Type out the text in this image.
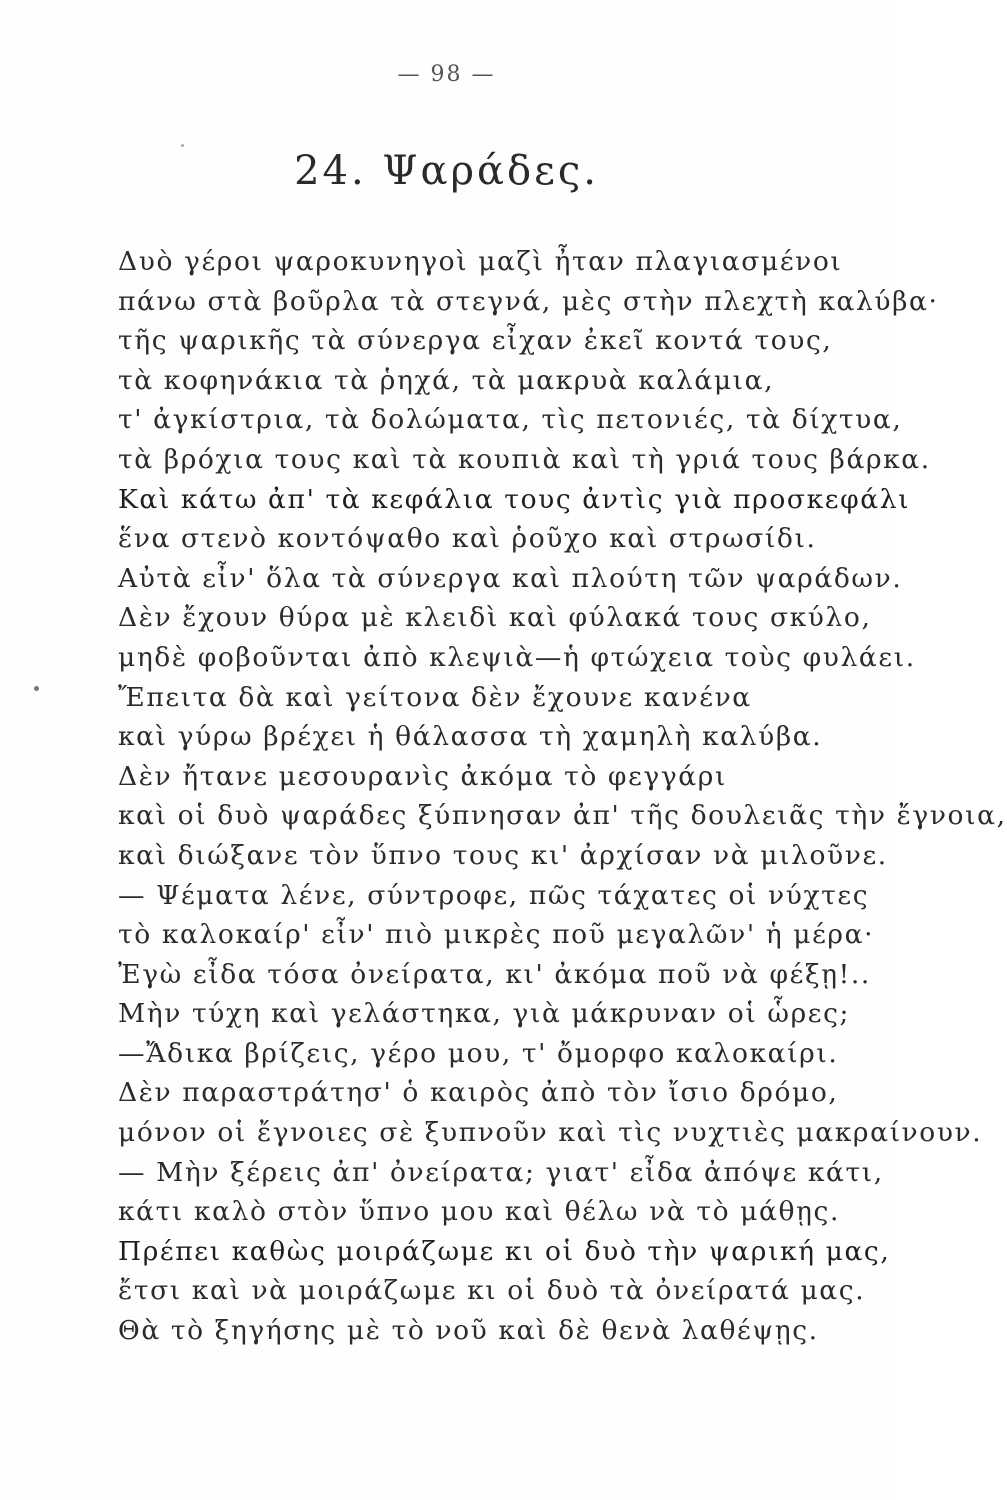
— 98 —
24. Ψαράδες.
Δυὸ γέροι ψαροκυνηγοὶ μαζὶ ἦταν πλαγιασμένοι
πάνω στὰ βοῦρλα τὰ στεγνά, μὲς στὴν πλεχτὴ καλύβα·
τῆς ψαρικῆς τὰ σύνεργα εἶχαν ἐκεῖ κοντά τους,
τὰ κοφηνάκια τὰ ῥηχά, τὰ μακρυὰ καλάμια,
τ' ἀγκίστρια, τὰ δολώματα, τὶς πετονιές, τὰ δίχτυα,
τὰ βρόχια τους καὶ τὰ κουπιὰ καὶ τὴ γριά τους βάρκα.
Καὶ κάτω ἀπ' τὰ κεφάλια τους ἀντὶς γιὰ προσκεφάλι
ἕνα στενὸ κοντόψαθο καὶ ῥοῦχο καὶ στρωσίδι.
Αὐτὰ εἶν' ὅλα τὰ σύνεργα καὶ πλούτη τῶν ψαράδων.
Δὲν ἔχουν θύρα μὲ κλειδὶ καὶ φύλακά τους σκύλο,
μηδὲ φοβοῦνται ἀπὸ κλεψιὰ—ἡ φτώχεια τοὺς φυλάει.
Ἔπειτα δὰ καὶ γείτονα δὲν ἔχουνε κανένα
καὶ γύρω βρέχει ἡ θάλασσα τὴ χαμηλὴ καλύβα.
Δὲν ἤτανε μεσουρανὶς ἀκόμα τὸ φεγγάρι
καὶ οἱ δυὸ ψαράδες ξύπνησαν ἀπ' τῆς δουλειᾶς τὴν ἔγνοια,
καὶ διώξανε τὸν ὕπνο τους κι' ἀρχίσαν νὰ μιλοῦνε.
— Ψέματα λένε, σύντροφε, πῶς τάχατες οἱ νύχτες
τὸ καλοκαίρ' εἶν' πιὸ μικρὲς ποῦ μεγαλῶν' ἡ μέρα·
Ἐγὼ εἶδα τόσα ὀνείρατα, κι' ἀκόμα ποῦ νὰ φέξῃ!..
Μὴν τύχη καὶ γελάστηκα, γιὰ μάκρυναν οἱ ὧρες;
—Ἄδικα βρίζεις, γέρο μου, τ' ὄμορφο καλοκαίρι.
Δὲν παραστράτησ' ὁ καιρὸς ἀπὸ τὸν ἴσιο δρόμο,
μόνον οἱ ἔγνοιες σὲ ξυπνοῦν καὶ τὶς νυχτιὲς μακραίνουν.
— Μὴν ξέρεις ἀπ' ὀνείρατα; γιατ' εἶδα ἀπόψε κάτι,
κάτι καλὸ στὸν ὕπνο μου καὶ θέλω νὰ τὸ μάθῃς.
Πρέπει καθὼς μοιράζωμε κι οἱ δυὸ τὴν ψαρική μας,
ἔτσι καὶ νὰ μοιράζωμε κι οἱ δυὸ τὰ ὀνείρατά μας.
Θὰ τὸ ξηγήσης μὲ τὸ νοῦ καὶ δὲ θενὰ λαθέψῃς.
